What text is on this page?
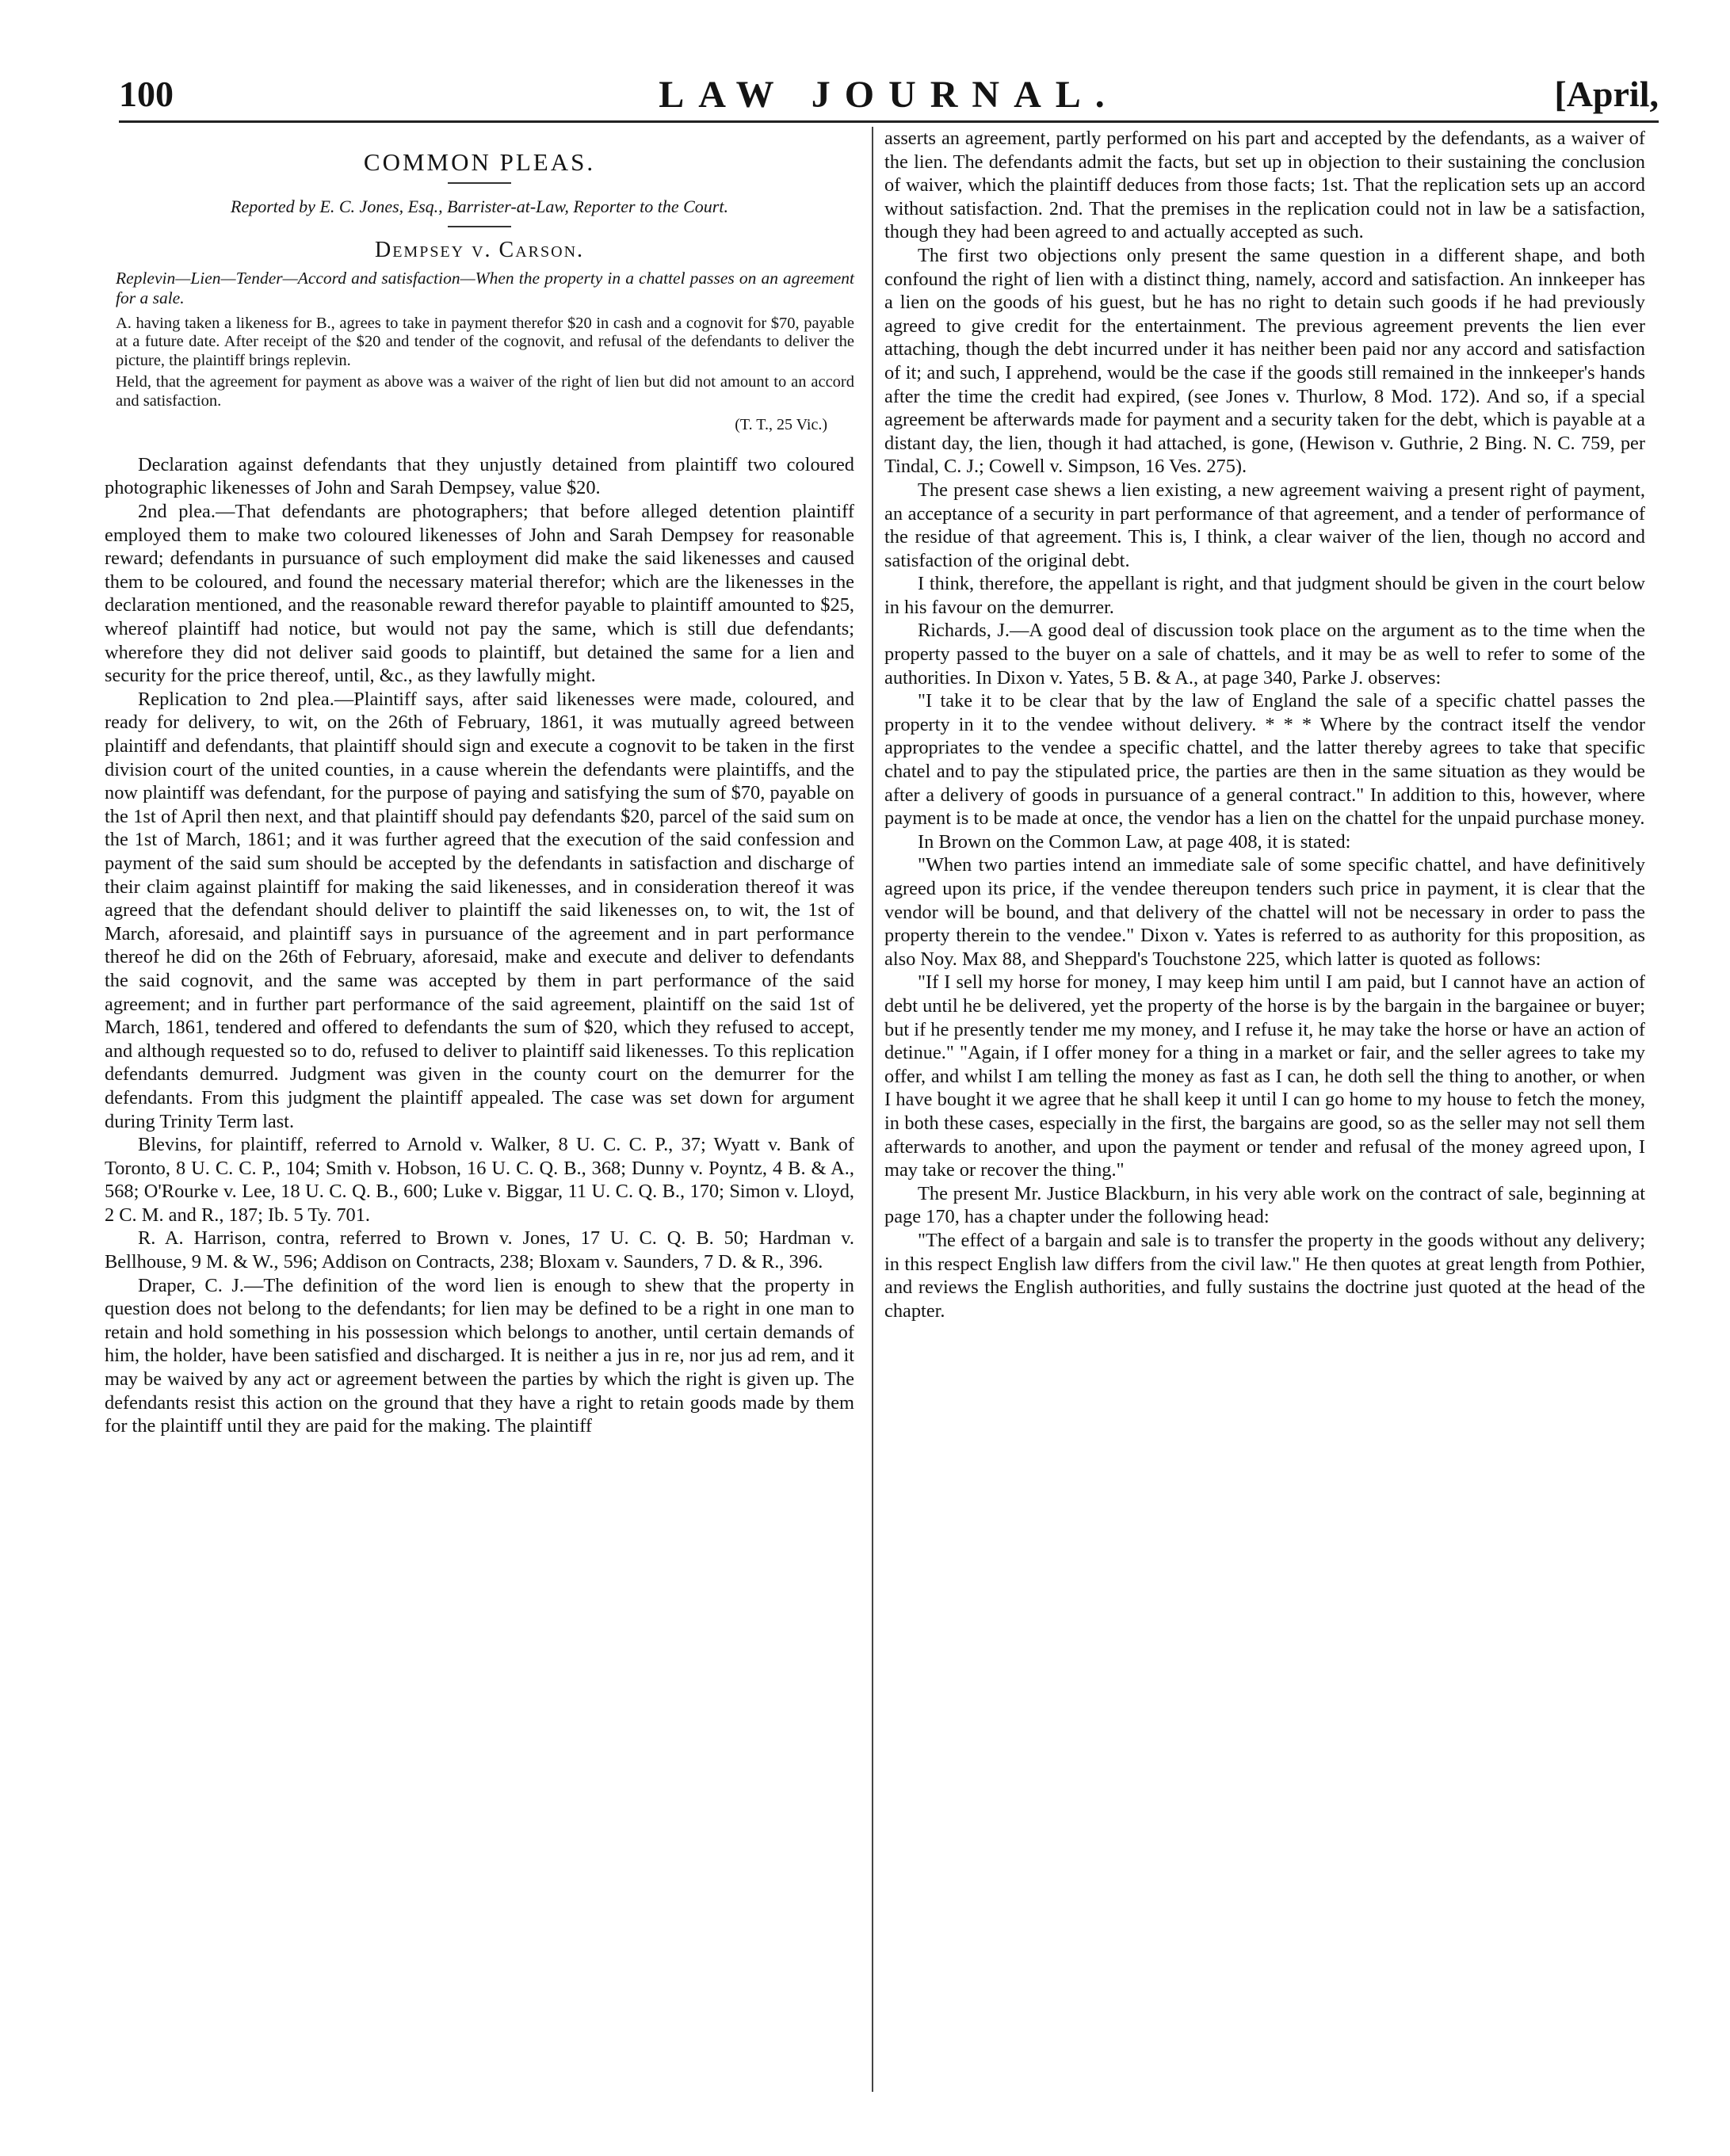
100	LAW JOURNAL.	[April,
COMMON PLEAS.
Reported by E. C. Jones, Esq., Barrister-at-Law, Reporter to the Court.
Dempsey v. Carson.
Replevin—Lien—Tender—Accord and satisfaction—When the property in a chattel passes on an agreement for a sale.
A. having taken a likeness for B., agrees to take in payment therefor $20 in cash and a cognovit for $70, payable at a future date. After receipt of the $20 and tender of the cognovit, and refusal of the defendants to deliver the picture, the plaintiff brings replevin.
Held, that the agreement for payment as above was a waiver of the right of lien but did not amount to an accord and satisfaction.
(T. T., 25 Vic.)

Declaration against defendants that they unjustly detained from plaintiff two coloured photographic likenesses of John and Sarah Dempsey, value $20.

2nd plea.—That defendants are photographers; that before alleged detention plaintiff employed them to make two coloured likenesses of John and Sarah Dempsey for reasonable reward; defendants in pursuance of such employment did make the said likenesses and caused them to be coloured, and found the necessary material therefor; which are the likenesses in the declaration mentioned, and the reasonable reward therefor payable to plaintiff amounted to $25, whereof plaintiff had notice, but would not pay the same, which is still due defendants; wherefore they did not deliver said goods to plaintiff, but detained the same for a lien and security for the price thereof, until, &c., as they lawfully might.

Replication to 2nd plea.—Plaintiff says, after said likenesses were made, coloured, and ready for delivery, to wit, on the 26th of February, 1861, it was mutually agreed between plaintiff and defendants, that plaintiff should sign and execute a cognovit to be taken in the first division court of the united counties, in a cause wherein the defendants were plaintiffs, and the now plaintiff was defendant, for the purpose of paying and satisfying the sum of $70, payable on the 1st of April then next, and that plaintiff should pay defendants $20, parcel of the said sum on the 1st of March, 1861; and it was further agreed that the execution of the said confession and payment of the said sum should be accepted by the defendants in satisfaction and discharge of their claim against plaintiff for making the said likenesses, and in consideration thereof it was agreed that the defendant should deliver to plaintiff the said likenesses on, to wit, the 1st of March, aforesaid, and plaintiff says in pursuance of the agreement and in part performance thereof he did on the 26th of February, aforesaid, make and execute and deliver to defendants the said cognovit, and the same was accepted by them in part performance of the said agreement; and in further part performance of the said agreement, plaintiff on the said 1st of March, 1861, tendered and offered to defendants the sum of $20, which they refused to accept, and although requested so to do, refused to deliver to plaintiff said likenesses. To this replication defendants demurred. Judgment was given in the county court on the demurrer for the defendants. From this judgment the plaintiff appealed. The case was set down for argument during Trinity Term last.

Blevins, for plaintiff, referred to Arnold v. Walker, 8 U. C. C. P., 37; Wyatt v. Bank of Toronto, 8 U. C. C. P., 104; Smith v. Hobson, 16 U. C. Q. B., 368; Dunny v. Poyntz, 4 B. & A., 568; O'Rourke v. Lee, 18 U. C. Q. B., 600; Luke v. Biggar, 11 U. C. Q. B., 170; Simon v. Lloyd, 2 C. M. and R., 187; Ib. 5 Ty. 701.

R. A. Harrison, contra, referred to Brown v. Jones, 17 U. C. Q. B. 50; Hardman v. Bellhouse, 9 M. & W., 596; Addison on Contracts, 238; Bloxam v. Saunders, 7 D. & R., 396.

Draper, C. J.—The definition of the word lien is enough to shew that the property in question does not belong to the defendants; for lien may be defined to be a right in one man to retain and hold something in his possession which belongs to another, until certain demands of him, the holder, have been satisfied and discharged. It is neither a jus in re, nor jus ad rem, and it may be waived by any act or agreement between the parties by which the right is given up. The defendants resist this action on the ground that they have a right to retain goods made by them for the plaintiff until they are paid for the making. The plaintiff

asserts an agreement, partly performed on his part and accepted by the defendants, as a waiver of the lien. The defendants admit the facts, but set up in objection to their sustaining the conclusion of waiver, which the plaintiff deduces from those facts; 1st. That the replication sets up an accord without satisfaction. 2nd. That the premises in the replication could not in law be a satisfaction, though they had been agreed to and actually accepted as such.

The first two objections only present the same question in a different shape, and both confound the right of lien with a distinct thing, namely, accord and satisfaction. An innkeeper has a lien on the goods of his guest, but he has no right to detain such goods if he had previously agreed to give credit for the entertainment. The previous agreement prevents the lien ever attaching, though the debt incurred under it has neither been paid nor any accord and satisfaction of it; and such, I apprehend, would be the case if the goods still remained in the innkeeper's hands after the time the credit had expired, (see Jones v. Thurlow, 8 Mod. 172). And so, if a special agreement be afterwards made for payment and a security taken for the debt, which is payable at a distant day, the lien, though it had attached, is gone, (Hewison v. Guthrie, 2 Bing. N. C. 759, per Tindal, C. J.; Cowell v. Simpson, 16 Ves. 275).

The present case shews a lien existing, a new agreement waiving a present right of payment, an acceptance of a security in part performance of that agreement, and a tender of performance of the residue of that agreement. This is, I think, a clear waiver of the lien, though no accord and satisfaction of the original debt.

I think, therefore, the appellant is right, and that judgment should be given in the court below in his favour on the demurrer.

Richards, J.—A good deal of discussion took place on the argument as to the time when the property passed to the buyer on a sale of chattels, and it may be as well to refer to some of the authorities. In Dixon v. Yates, 5 B. & A., at page 340, Parke J. observes:

"I take it to be clear that by the law of England the sale of a specific chattel passes the property in it to the vendee without delivery. * * * Where by the contract itself the vendor appropriates to the vendee a specific chattel, and the latter thereby agrees to take that specific chatel and to pay the stipulated price, the parties are then in the same situation as they would be after a delivery of goods in pursuance of a general contract." In addition to this, however, where payment is to be made at once, the vendor has a lien on the chattel for the unpaid purchase money.

In Brown on the Common Law, at page 408, it is stated:

"When two parties intend an immediate sale of some specific chattel, and have definitively agreed upon its price, if the vendee thereupon tenders such price in payment, it is clear that the vendor will be bound, and that delivery of the chattel will not be necessary in order to pass the property therein to the vendee." Dixon v. Yates is referred to as authority for this proposition, as also Noy. Max 88, and Sheppard's Touchstone 225, which latter is quoted as follows:

"If I sell my horse for money, I may keep him until I am paid, but I cannot have an action of debt until he be delivered, yet the property of the horse is by the bargain in the bargainee or buyer; but if he presently tender me my money, and I refuse it, he may take the horse or have an action of detinue." "Again, if I offer money for a thing in a market or fair, and the seller agrees to take my offer, and whilst I am telling the money as fast as I can, he doth sell the thing to another, or when I have bought it we agree that he shall keep it until I can go home to my house to fetch the money, in both these cases, especially in the first, the bargains are good, so as the seller may not sell them afterwards to another, and upon the payment or tender and refusal of the money agreed upon, I may take or recover the thing."

The present Mr. Justice Blackburn, in his very able work on the contract of sale, beginning at page 170, has a chapter under the following head:

"The effect of a bargain and sale is to transfer the property in the goods without any delivery; in this respect English law differs from the civil law." He then quotes at great length from Pothier, and reviews the English authorities, and fully sustains the doctrine just quoted at the head of the chapter.
